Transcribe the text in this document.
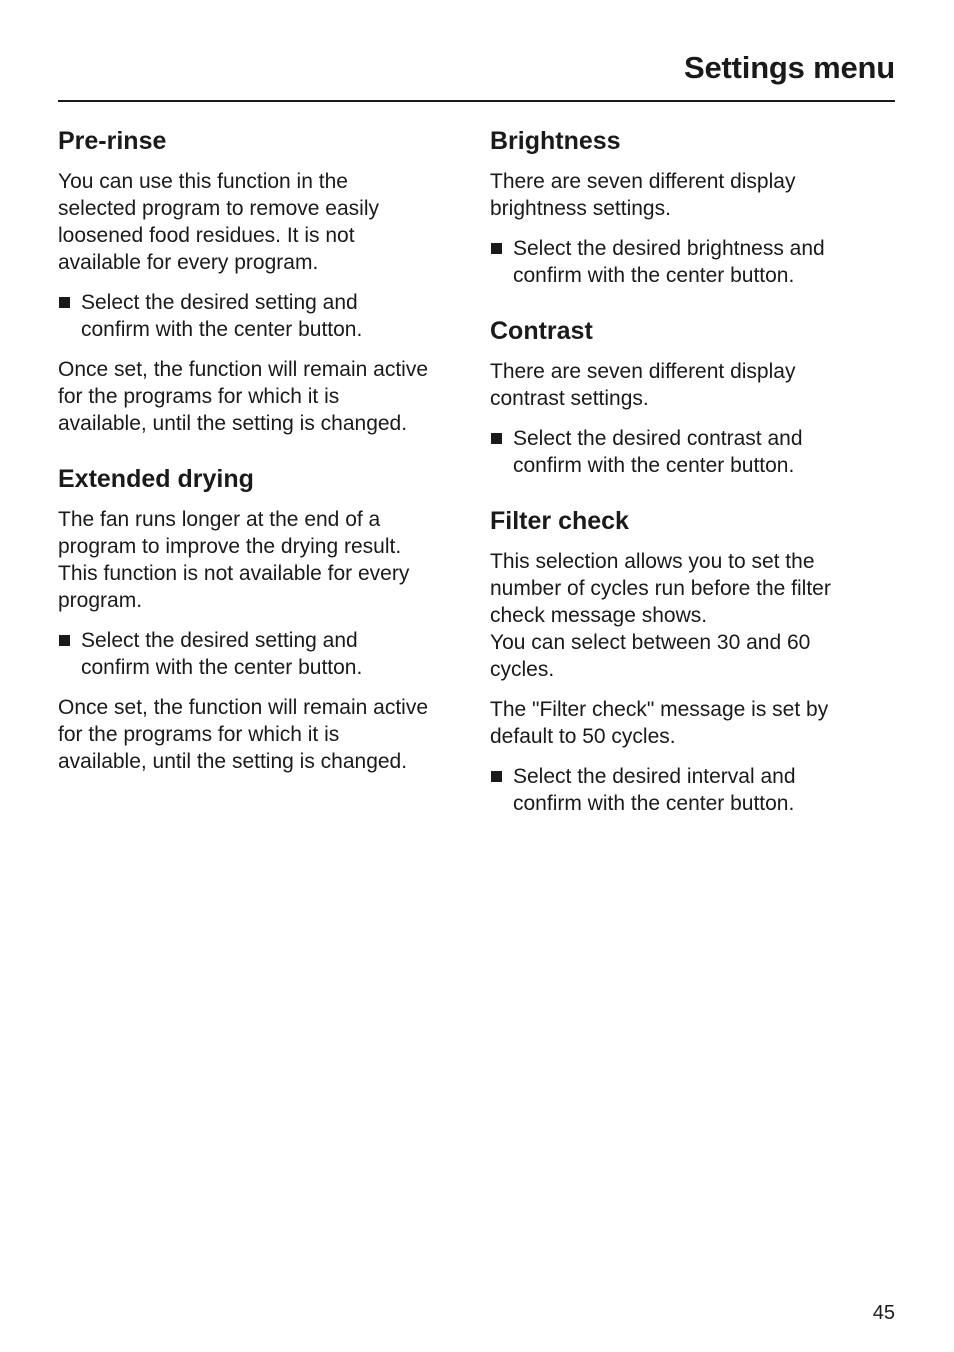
Settings menu
Pre-rinse

You can use this function in the
selected program to remove easily
loosened food residues. It is not
available for every program.

Select the desired setting and
confirm with the center button.

Once set, the function will remain active
for the programs for which it is
available, until the setting is changed.

Extended drying

The fan runs longer at the end of a
program to improve the drying result.
This function is not available for every
program.

Select the desired setting and
confirm with the center button.

Once set, the function will remain active
for the programs for which it is
available, until the setting is changed.

Brightness

There are seven different display
brightness settings.

Select the desired brightness and
confirm with the center button.
Contrast

There are seven different display
contrast settings.

Select the desired contrast and
confirm with the center button.
Filter check

This selection allows you to set the
number of cycles run before the filter
check message shows.
You can select between 30 and 60
cycles.

The "Filter check" message is set by
default to 50 cycles.

Select the desired interval and
confirm with the center button.
45
